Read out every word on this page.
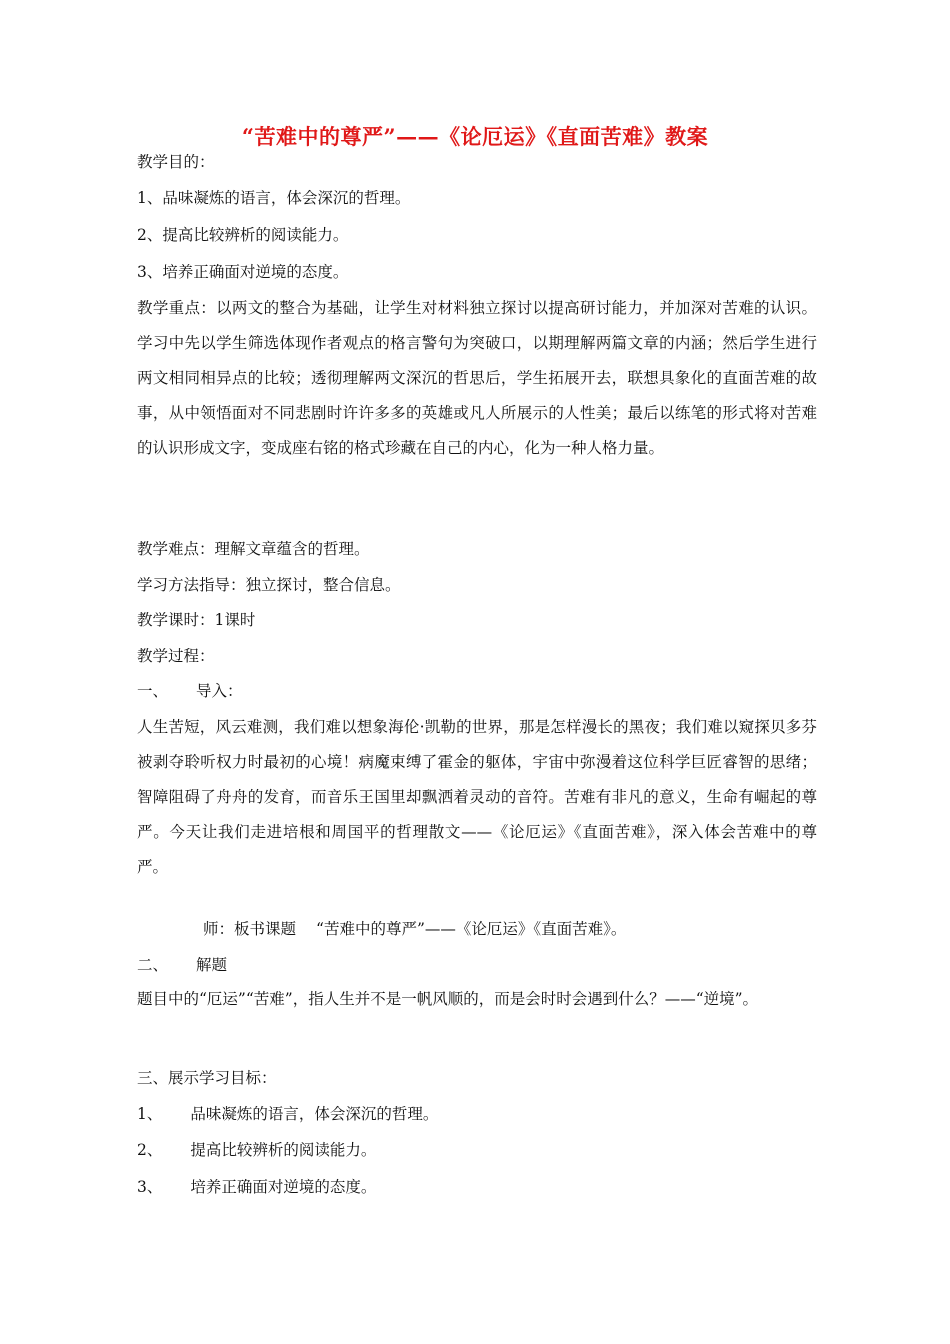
“苦难中的尊严”——《论厄运》《直面苦难》教案
教学目的：
1、品味凝炼的语言，体会深沉的哲理。
2、提高比较辨析的阅读能力。
3、培养正确面对逆境的态度。
教学重点：以两文的整合为基础，让学生对材料独立探讨以提高研讨能力，并加深对苦难的认识。学习中先以学生筛选体现作者观点的格言警句为突破口，以期理解两篇文章的内涵；然后学生进行两文相同相异点的比较；透彻理解两文深沉的哲思后，学生拓展开去，联想具象化的直面苦难的故事，从中领悟面对不同悲剧时许许多多的英雄或凡人所展示的人性美；最后以练笔的形式将对苦难的认识形成文字，变成座右铭的格式珍藏在自己的内心，化为一种人格力量。
教学难点：理解文章蕴含的哲理。
学习方法指导：独立探讨，整合信息。
教学课时：1课时
教学过程：
一、 导入：
人生苦短，风云难测，我们难以想象海伦·凯勒的世界，那是怎样漫长的黑夜；我们难以窥探贝多芬被剥夺聆听权力时最初的心境！病魔束缚了霍金的躯体，宇宙中弥漫着这位科学巨匠睿智的思绪；智障阻碍了舟舟的发育，而音乐王国里却飘洒着灵动的音符。苦难有非凡的意义，生命有崛起的尊严。今天让我们走进培根和周国平的哲理散文——《论厄运》《直面苦难》，深入体会苦难中的尊严。
师：板书课题 “苦难中的尊严”——《论厄运》《直面苦难》。
二、 解题
题目中的“厄运”“苦难”，指人生并不是一帆风顺的，而是会时时会遇到什么？——“逆境”。
三、展示学习目标：
1、 品味凝炼的语言，体会深沉的哲理。
2、 提高比较辨析的阅读能力。
3、 培养正确面对逆境的态度。
